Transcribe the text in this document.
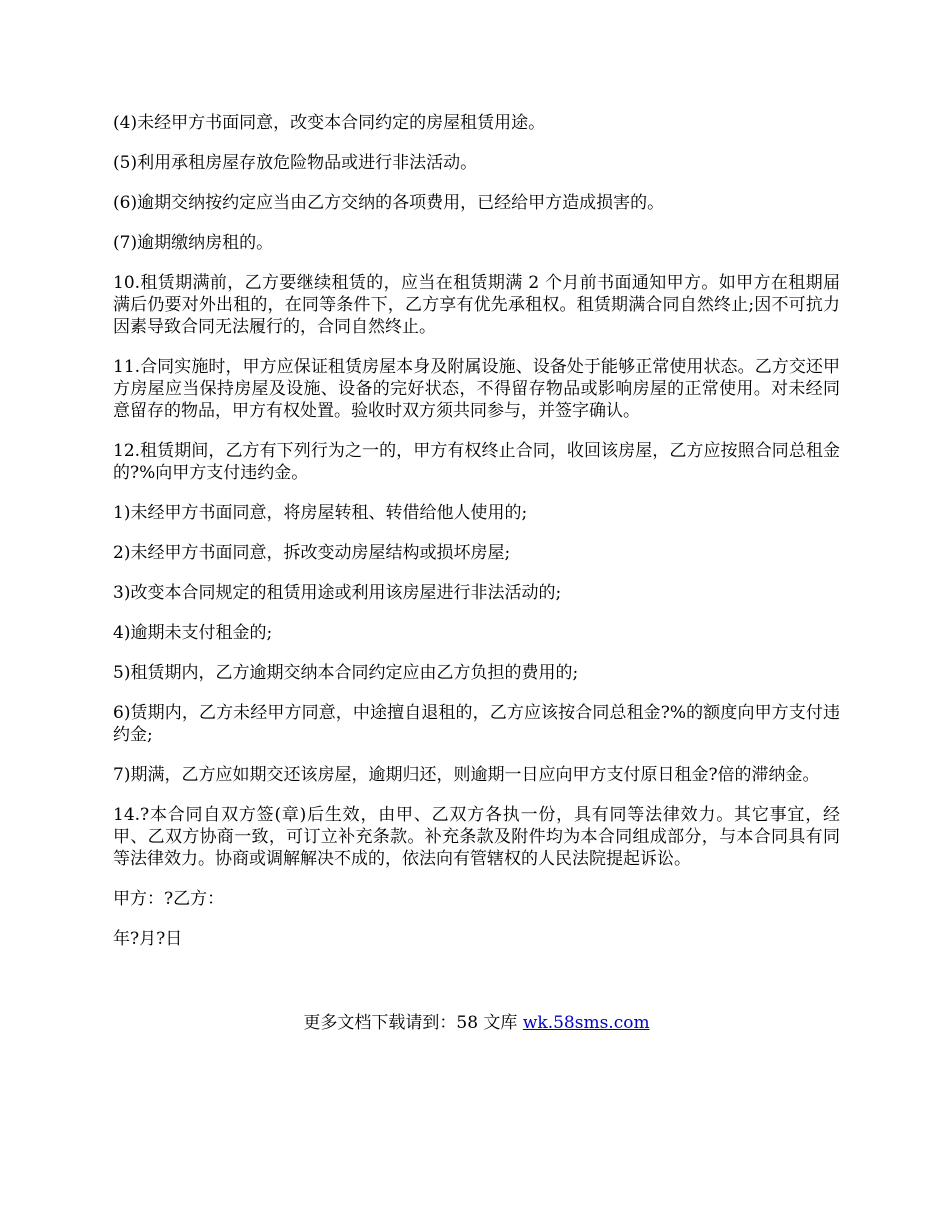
(4)未经甲方书面同意，改变本合同约定的房屋租赁用途。

(5)利用承租房屋存放危险物品或进行非法活动。

(6)逾期交纳按约定应当由乙方交纳的各项费用，已经给甲方造成损害的。

(7)逾期缴纳房租的。

10.租赁期满前，乙方要继续租赁的，应当在租赁期满 2 个月前书面通知甲方。如甲方在租期届满后仍要对外出租的，在同等条件下，乙方享有优先承租权。租赁期满合同自然终止;因不可抗力因素导致合同无法履行的，合同自然终止。

11.合同实施时，甲方应保证租赁房屋本身及附属设施、设备处于能够正常使用状态。乙方交还甲方房屋应当保持房屋及设施、设备的完好状态，不得留存物品或影响房屋的正常使用。对未经同意留存的物品，甲方有权处置。验收时双方须共同参与，并签字确认。

12.租赁期间，乙方有下列行为之一的，甲方有权终止合同，收回该房屋，乙方应按照合同总租金的?%向甲方支付违约金。

1)未经甲方书面同意，将房屋转租、转借给他人使用的;

2)未经甲方书面同意，拆改变动房屋结构或损坏房屋;

3)改变本合同规定的租赁用途或利用该房屋进行非法活动的;

4)逾期未支付租金的;

5)租赁期内，乙方逾期交纳本合同约定应由乙方负担的费用的;

6)赁期内，乙方未经甲方同意，中途擅自退租的，乙方应该按合同总租金?%的额度向甲方支付违约金;

7)期满，乙方应如期交还该房屋，逾期归还，则逾期一日应向甲方支付原日租金?倍的滞纳金。

14.?本合同自双方签(章)后生效，由甲、乙双方各执一份，具有同等法律效力。其它事宜，经甲、乙双方协商一致，可订立补充条款。补充条款及附件均为本合同组成部分，与本合同具有同等法律效力。协商或调解解决不成的，依法向有管辖权的人民法院提起诉讼。

甲方：?乙方：

年?月?日

更多文档下载请到：58 文库 wk.58sms.com
